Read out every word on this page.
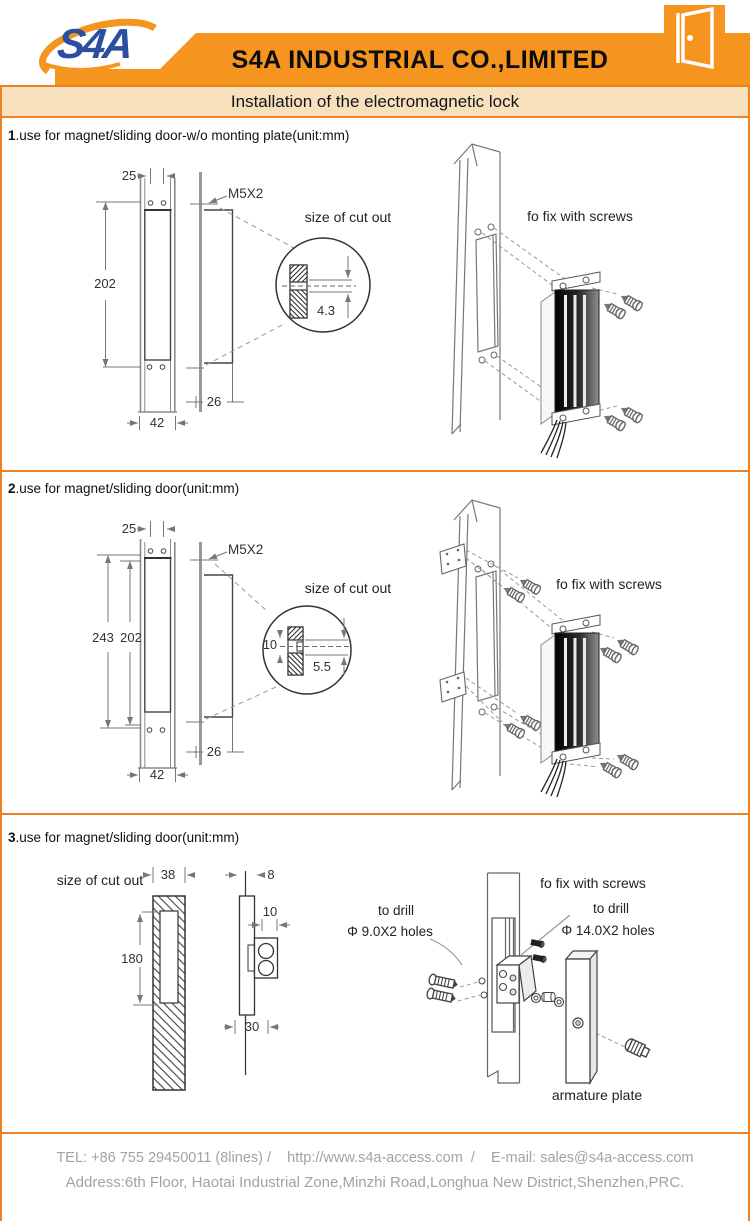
S4A	S4A INDUSTRIAL CO.,LIMITED
Installation of the electromagnetic lock
1.use for magnet/sliding door-w/o monting plate(unit:mm)
25
202
42
M5X2
26
size of cut out
4.3
fo fix with screws
2.use for magnet/sliding door(unit:mm)
25
243 202
42
M5X2
26
size of cut out
10
5.5
fo fix with screws
3.use for magnet/sliding door(unit:mm)
size of cut out 38
180
8
10
30
fo fix with screws
to drill
Φ 9.0X2 holes
to drill
Φ 14.0X2 holes
armature plate
TEL: +86 755 29450011 (8lines) / http://www.s4a-access.com / E-mail: sales@s4a-access.com
Address:6th Floor, Haotai Industrial Zone,Minzhi Road,Longhua New District,Shenzhen,PRC.
